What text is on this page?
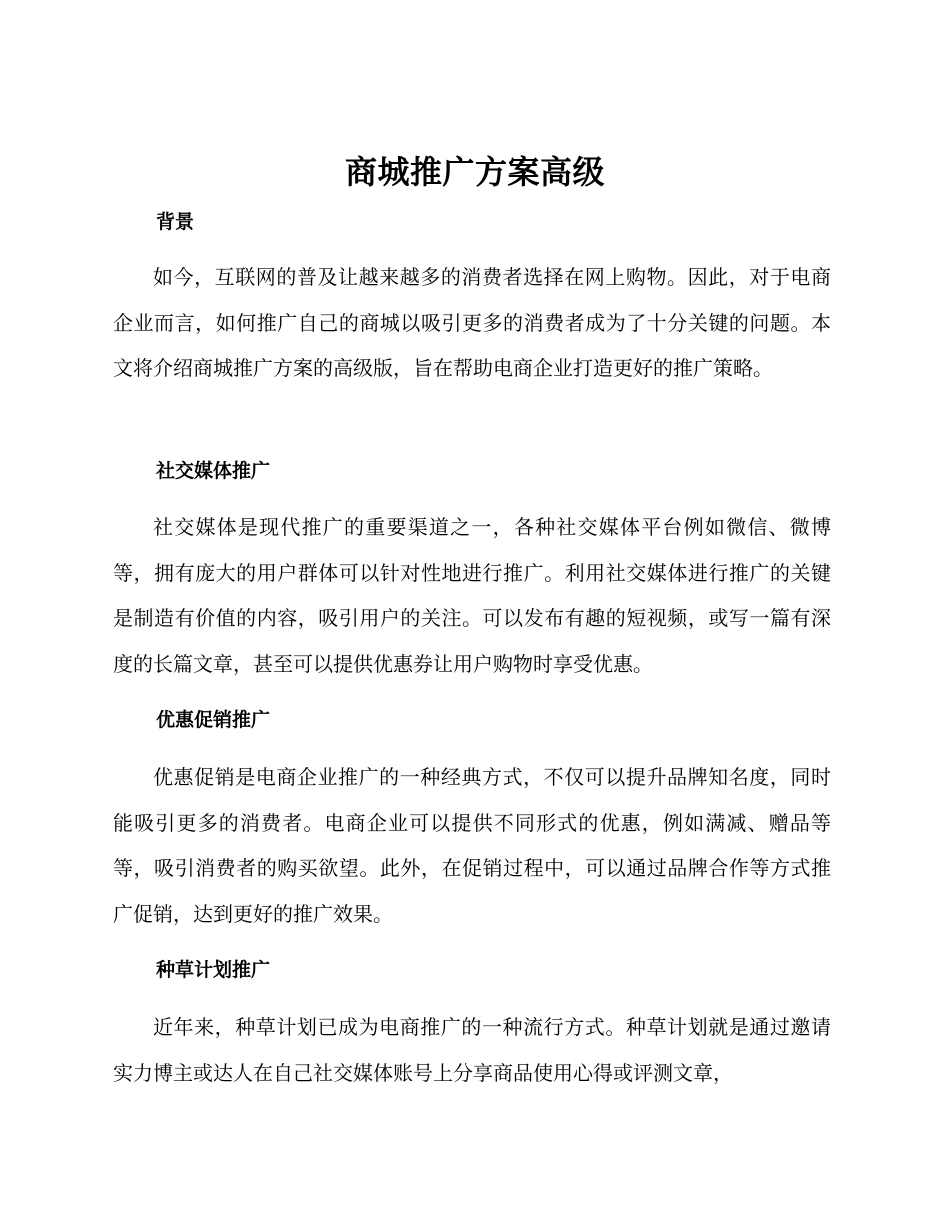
商城推广方案高级
背景

如今，互联网的普及让越来越多的消费者选择在网上购物。因此，对于电商企业而言，如何推广自己的商城以吸引更多的消费者成为了十分关键的问题。本文将介绍商城推广方案的高级版，旨在帮助电商企业打造更好的推广策略。

社交媒体推广

社交媒体是现代推广的重要渠道之一，各种社交媒体平台例如微信、微博等，拥有庞大的用户群体可以针对性地进行推广。利用社交媒体进行推广的关键是制造有价值的内容，吸引用户的关注。可以发布有趣的短视频，或写一篇有深度的长篇文章，甚至可以提供优惠券让用户购物时享受优惠。

优惠促销推广

优惠促销是电商企业推广的一种经典方式，不仅可以提升品牌知名度，同时能吸引更多的消费者。电商企业可以提供不同形式的优惠，例如满减、赠品等等，吸引消费者的购买欲望。此外，在促销过程中，可以通过品牌合作等方式推广促销，达到更好的推广效果。

种草计划推广

近年来，种草计划已成为电商推广的一种流行方式。种草计划就是通过邀请实力博主或达人在自己社交媒体账号上分享商品使用心得或评测文章，
